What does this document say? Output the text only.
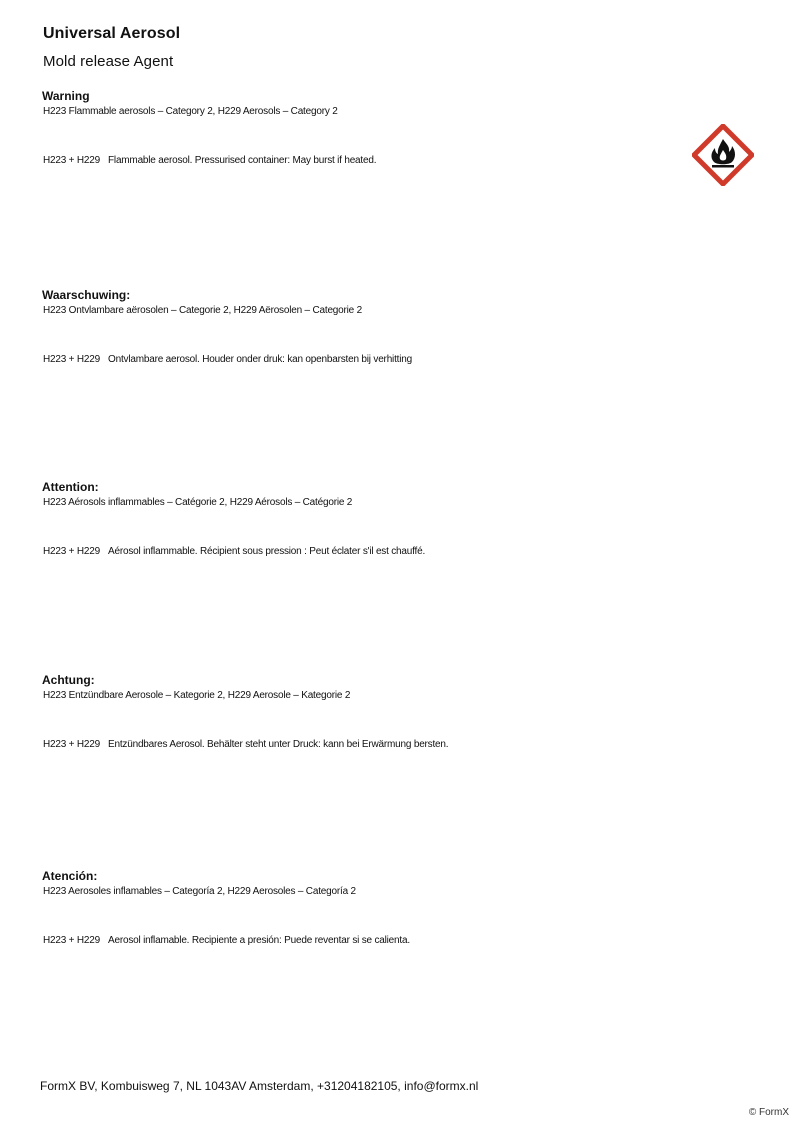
Universal Aerosol
Mold release Agent
Warning
H223 Flammable aerosols – Category 2, H229 Aerosols – Category 2
H223 + H229 Flammable aerosol. Pressurised container: May burst if heated.
Waarschuwing:
H223 Ontvlambare aërosolen – Categorie 2, H229 Aërosolen – Categorie 2
H223 + H229 Ontvlambare aerosol. Houder onder druk: kan openbarsten bij verhitting
Attention:
H223 Aérosols inflammables – Catégorie 2, H229 Aérosols – Catégorie 2
H223 + H229 Aérosol inflammable. Récipient sous pression : Peut éclater s'il est chauffé.
Achtung:
H223 Entzündbare Aerosole – Kategorie 2, H229 Aerosole – Kategorie 2
H223 + H229 Entzündbares Aerosol. Behälter steht unter Druck: kann bei Erwärmung bersten.
Atención:
H223 Aerosoles inflamables – Categoría 2, H229 Aerosoles – Categoría 2
H223 + H229 Aerosol inflamable. Recipiente a presión: Puede reventar si se calienta.
FormX BV, Kombuisweg 7, NL 1043AV Amsterdam, +31204182105, info@formx.nl
© FormX
